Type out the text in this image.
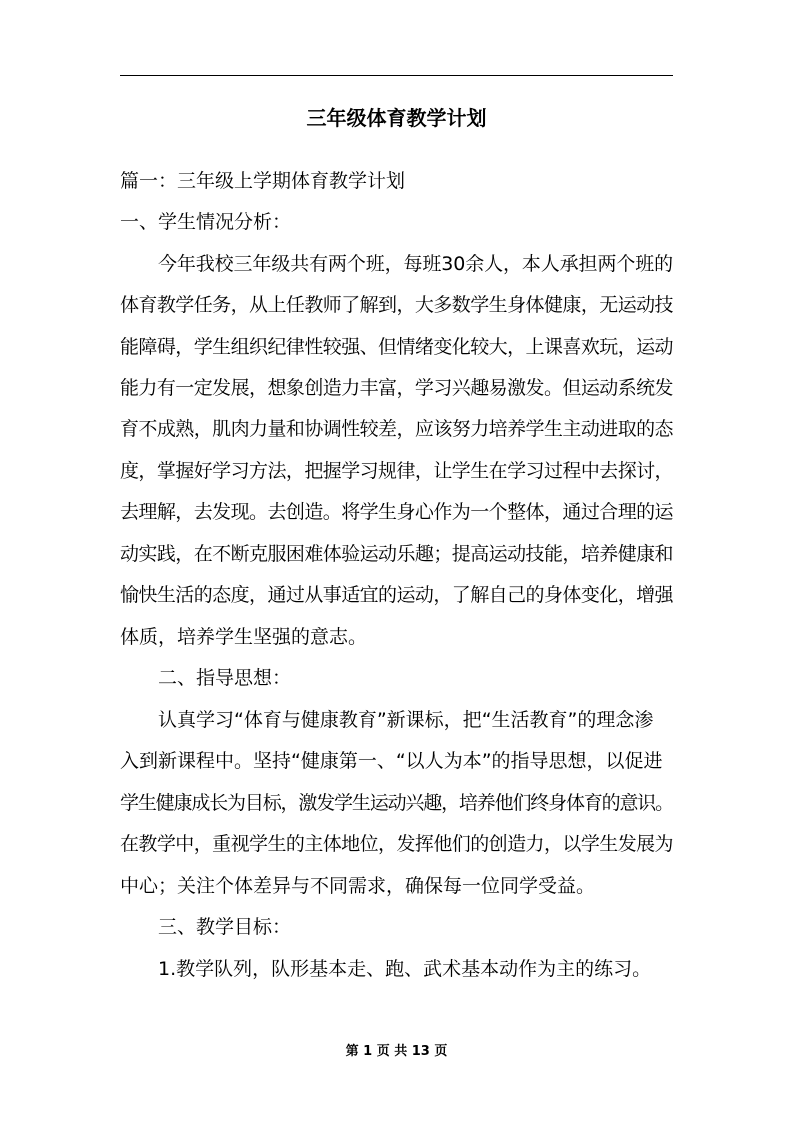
三年级体育教学计划
篇一：三年级上学期体育教学计划
一、学生情况分析：
今年我校三年级共有两个班，每班30余人，本人承担两个班的
体育教学任务，从上任教师了解到，大多数学生身体健康，无运动技
能障碍，学生组织纪律性较强、但情绪变化较大，上课喜欢玩，运动
能力有一定发展，想象创造力丰富，学习兴趣易激发。但运动系统发
育不成熟，肌肉力量和协调性较差，应该努力培养学生主动进取的态
度，掌握好学习方法，把握学习规律，让学生在学习过程中去探讨，
去理解，去发现。去创造。将学生身心作为一个整体，通过合理的运
动实践，在不断克服困难体验运动乐趣；提高运动技能，培养健康和
愉快生活的态度，通过从事适宜的运动，了解自己的身体变化，增强
体质，培养学生坚强的意志。
二、指导思想：
认真学习“体育与健康教育”新课标，把“生活教育”的理念渗
入到新课程中。坚持“健康第一、“以人为本”的指导思想，以促进
学生健康成长为目标，激发学生运动兴趣，培养他们终身体育的意识。
在教学中，重视学生的主体地位，发挥他们的创造力，以学生发展为
中心；关注个体差异与不同需求，确保每一位同学受益。
三、教学目标：
1.教学队列，队形基本走、跑、武术基本动作为主的练习。
第 1 页 共 13 页
